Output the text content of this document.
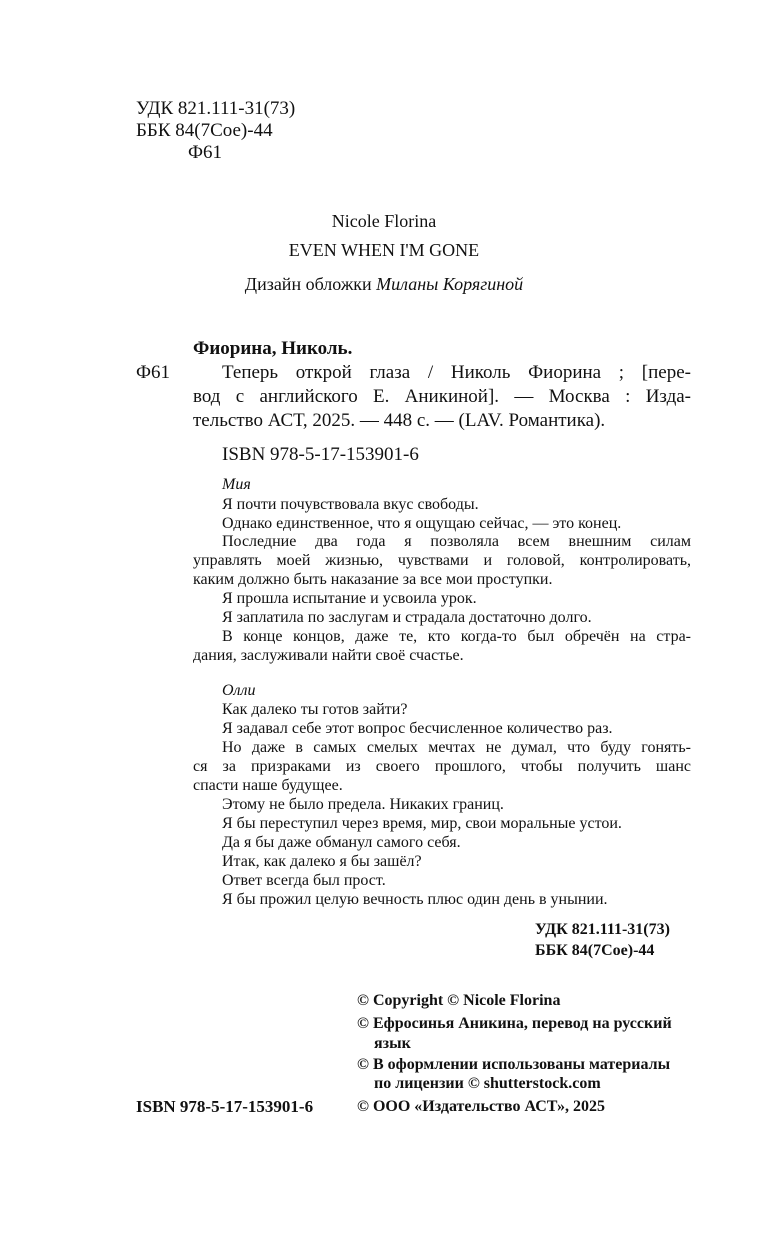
УДК 821.111-31(73)
ББК 84(7Сое)-44
Ф61
Nicole Florina
EVEN WHEN I'M GONE
Дизайн обложки Миланы Корягиной
Фиорина, Николь.
Ф61	Теперь открой глаза / Николь Фиорина ; [пере-
вод с английского Е. Аникиной]. — Москва : Изда-
тельство АСТ, 2025. — 448 с. — (LAV. Романтика).
ISBN 978-5-17-153901-6
Мия
Я почти почувствовала вкус свободы.
Однако единственное, что я ощущаю сейчас, — это конец.
Последние два года я позволяла всем внешним силам
управлять моей жизнью, чувствами и головой, контролировать,
каким должно быть наказание за все мои проступки.
Я прошла испытание и усвоила урок.
Я заплатила по заслугам и страдала достаточно долго.
В конце концов, даже те, кто когда-то был обречён на стра-
дания, заслуживали найти своё счастье.
Олли
Как далеко ты готов зайти?
Я задавал себе этот вопрос бесчисленное количество раз.
Но даже в самых смелых мечтах не думал, что буду гонять-
ся за призраками из своего прошлого, чтобы получить шанс
спасти наше будущее.
Этому не было предела. Никаких границ.
Я бы переступил через время, мир, свои моральные устои.
Да я бы даже обманул самого себя.
Итак, как далеко я бы зашёл?
Ответ всегда был прост.
Я бы прожил целую вечность плюс один день в унынии.
УДК 821.111-31(73)
ББК 84(7Сое)-44
© Copyright © Nicole Florina
© Ефросинья Аникина, перевод на русский
язык
© В оформлении использованы материалы
по лицензии © shutterstock.com
ISBN 978-5-17-153901-6	© ООО «Издательство АСТ», 2025
